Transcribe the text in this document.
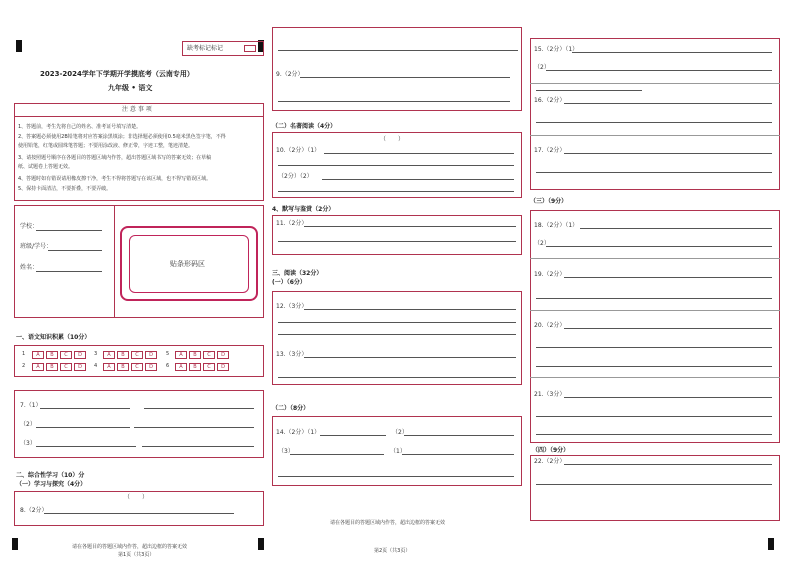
缺考标记标记
2023-2024学年下学期开学摸底考（云南专用）
九年级 • 语文
注 意 事 项
1、答题前，考生先将自己的姓名、准考证号填写清楚。
2、答案题必须使用2B铅笔将对应答案涂黑填涂；非选择题必须使用0.5毫米黑色签字笔，不得
使用铅笔，红笔或圆珠笔答题；不要用涂改液、修正带，字迹工整，笔迹清楚。
3、请按照题号顺序在各题目的答题区域内作答，超出答题区域书写的答案无效；在草稿
纸、试题卷上答题无效。
4、答题时如有错误请用橡皮擦干净，考生不得将答题写在该区域，也不得写错误区域。
5、保持卡面清洁，不要折叠，不要弄破。
学校：
班级/学号：
姓名：	贴条形码区
一、语文知识积累（10分）
1	A	B	C	D	3	A	B	C	D	5	A	B	C	D
2	A	B	C	D	4	A	B	C	D	6	A	B	C	D
7.（1）
（2）
（3）
二、综合性学习（10）分
（一）学习与探究（4分）
（　　）
8.（2分）
请在各题目的答题区域内作答，超出边框的答案无效
第1页（共3页）
9.（2分）
（二）名著阅读（4分）
（　　）
10.（2分）（1）
（2分）（2）
4、默写与鉴赏（2分）
11.（2分）
三、阅读（32分）
(一）（6分）
12.（3分）
13.（3分）
（二）（8分）
14.（2分）（1）	（2）
（3）	（1）
请在各题目的答题区域内作答，超出边框的答案无效
第2页（共3页）
15.（2分）（1）
（2）
16.（2分）
17.（2分）
（三）（9分）
18.（2分）（1）
（2）
19.（2分）
20.（2分）
21.（3分）
（四）（9分）
22.（2分）
